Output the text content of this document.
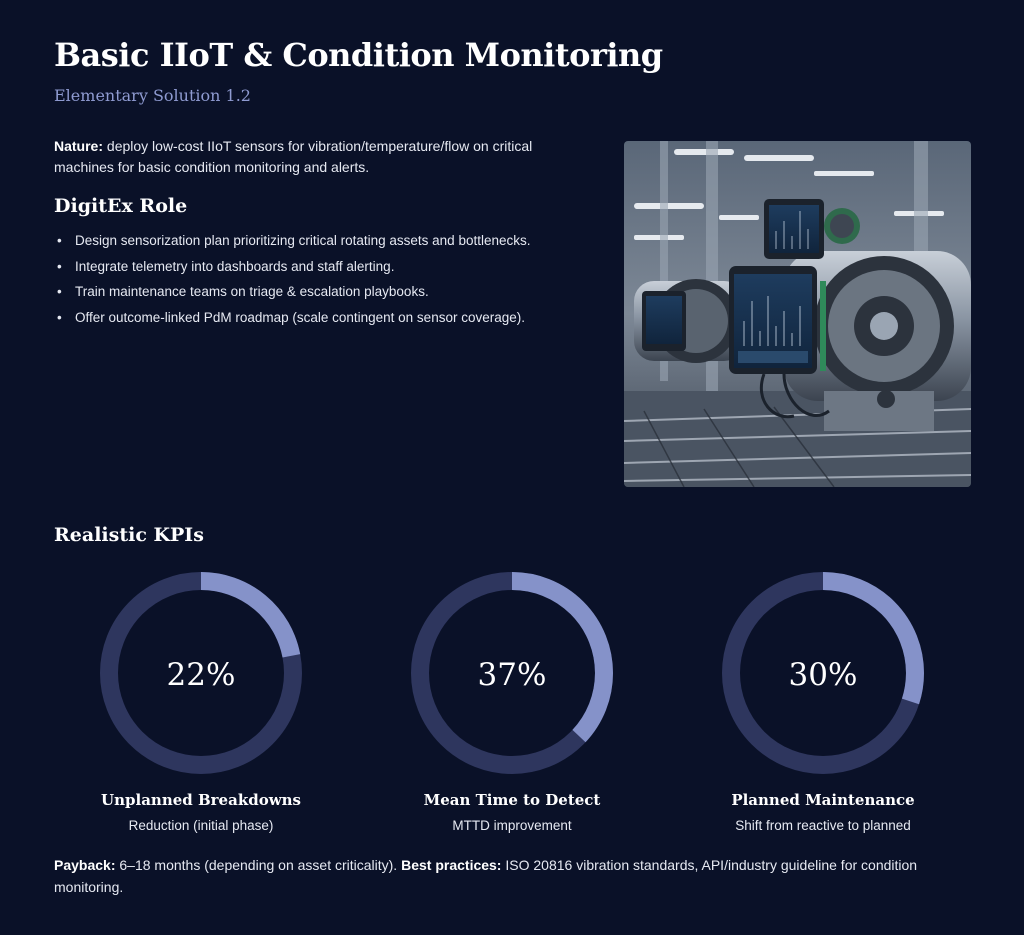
Basic IIoT & Condition Monitoring
Elementary Solution 1.2

Nature: deploy low-cost IIoT sensors for vibration/temperature/flow on critical machines for basic condition monitoring and alerts.

DigitEx Role
• Design sensorization plan prioritizing critical rotating assets and bottlenecks.
• Integrate telemetry into dashboards and staff alerting.
• Train maintenance teams on triage & escalation playbooks.
• Offer outcome-linked PdM roadmap (scale contingent on sensor coverage).
Realistic KPIs
22%
Unplanned Breakdowns
Reduction (initial phase)
37%
Mean Time to Detect
MTTD improvement
30%
Planned Maintenance
Shift from reactive to planned

Payback: 6–18 months (depending on asset criticality). Best practices: ISO 20816 vibration standards, API/industry guideline for condition monitoring.
